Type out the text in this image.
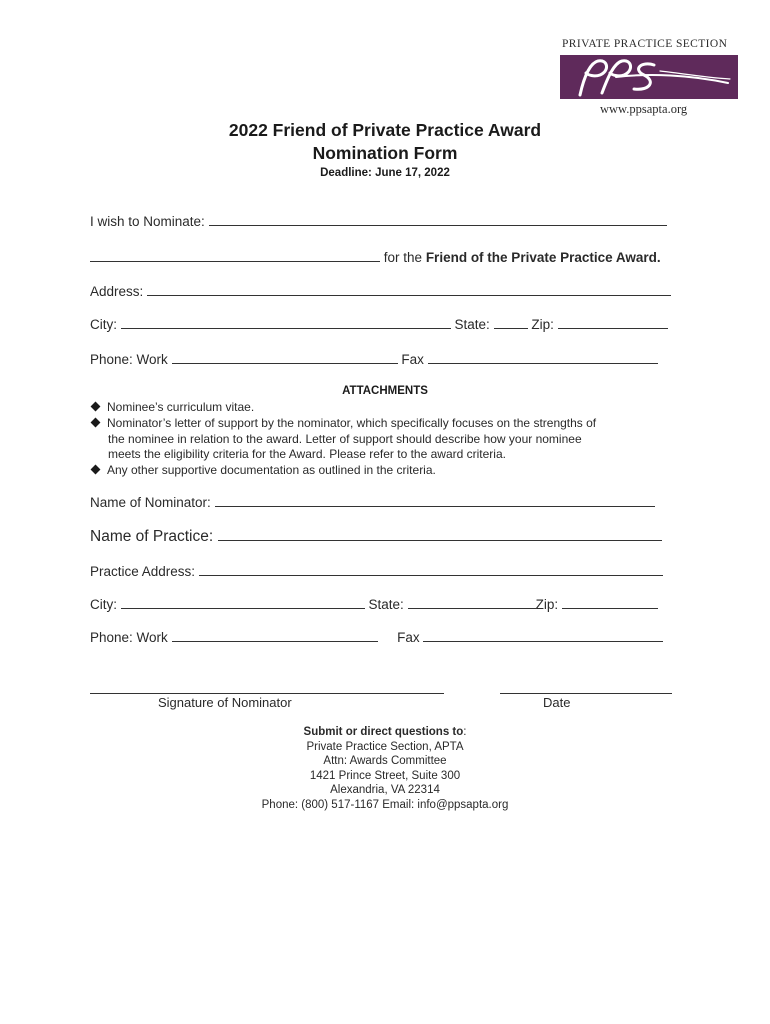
PRIVATE PRACTICE SECTION
www.ppsapta.org
2022 Friend of Private Practice Award
Nomination Form
Deadline: June 17, 2022
I wish to Nominate:
for the Friend of the Private Practice Award.
Address:
City:	State:	Zip:
Phone: Work	Fax
ATTACHMENTS
Nominee’s curriculum vitae.
Nominator’s letter of support by the nominator, which specifically focuses on the strengths of
the nominee in relation to the award. Letter of support should describe how your nominee
meets the eligibility criteria for the Award. Please refer to the award criteria.
Any other supportive documentation as outlined in the criteria.
Name of Nominator:
Name of Practice:
Practice Address:
City:	State:	Zip:
Phone: Work	Fax
Signature of Nominator	Date
Submit or direct questions to:
Private Practice Section, APTA
Attn: Awards Committee
1421 Prince Street, Suite 300
Alexandria, VA 22314
Phone: (800) 517-1167 Email: info@ppsapta.org
